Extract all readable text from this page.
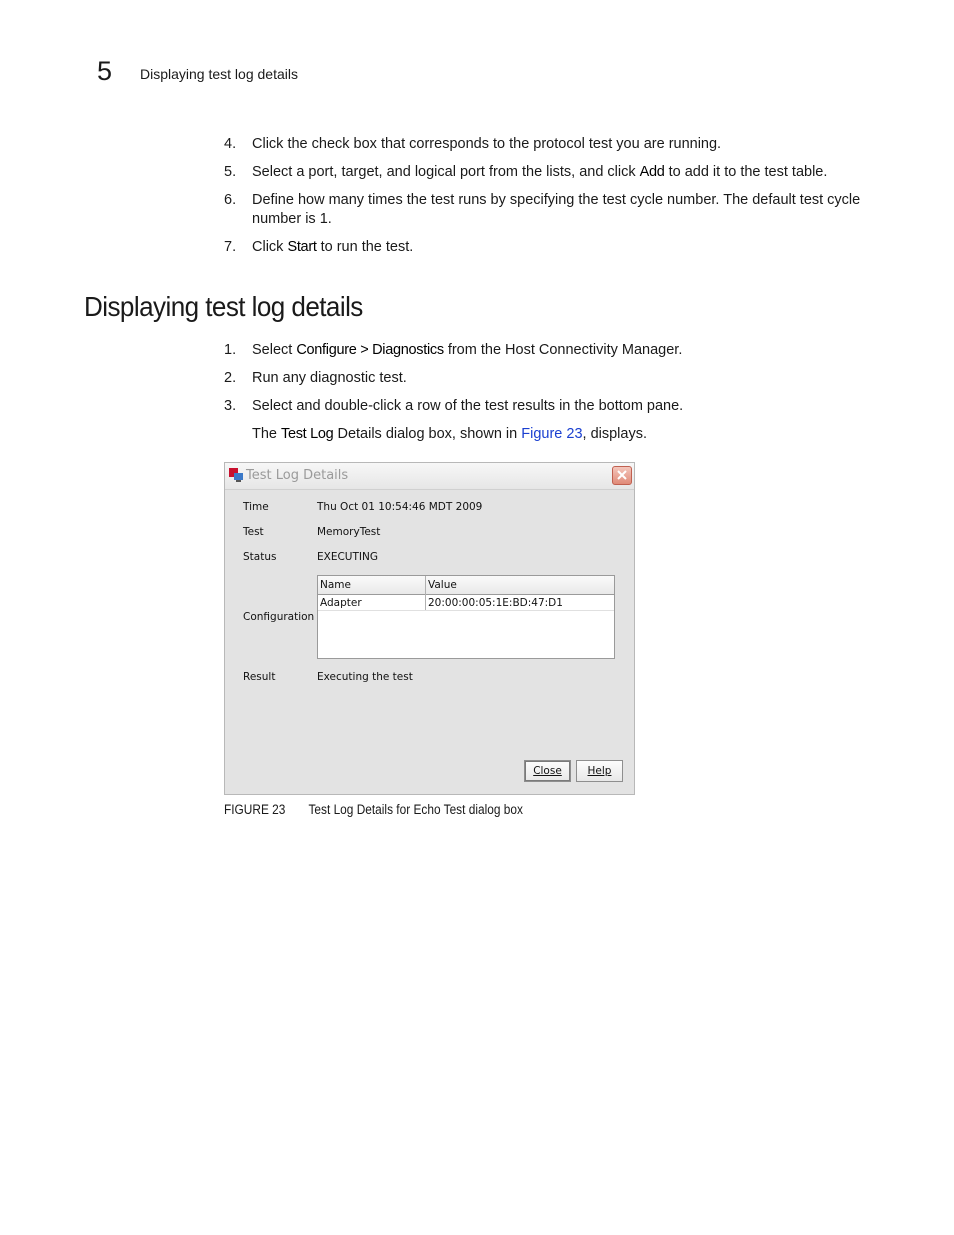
5 Displaying test log details
4. Click the check box that corresponds to the protocol test you are running.
5. Select a port, target, and logical port from the lists, and click Add to add it to the test table.
6. Define how many times the test runs by specifying the test cycle number. The default test cycle number is 1.
7. Click Start to run the test.
Displaying test log details
1. Select Configure > Diagnostics from the Host Connectivity Manager.
2. Run any diagnostic test.
3. Select and double-click a row of the test results in the bottom pane.
The Test Log Details dialog box, shown in Figure 23, displays.
Test Log Details
Time	Thu Oct 01 10:54:46 MDT 2009
Test	MemoryTest
Status	EXECUTING
Configuration
Name	Value
Adapter	20:00:00:05:1E:BD:47:D1
Result	Executing the test
Close	Help
FIGURE 23 Test Log Details for Echo Test dialog box
